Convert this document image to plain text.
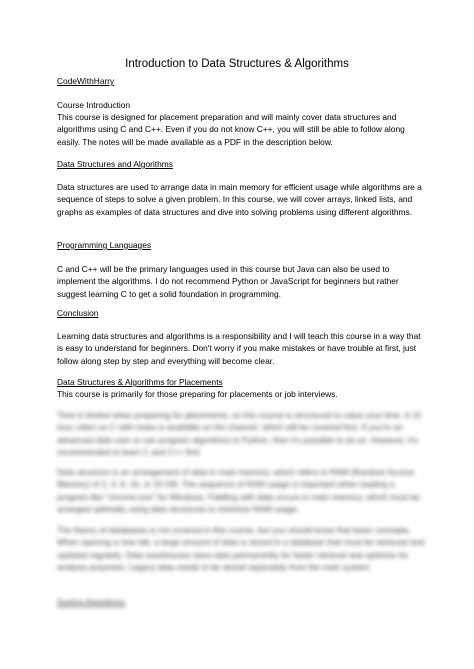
Introduction to Data Structures & Algorithms

CodeWithHarry

Course Introduction

This course is designed for placement preparation and will mainly cover data structures and algorithms using C and C++. Even if you do not know C++, you will still be able to follow along easily. The notes will be made available as a PDF in the description below.

Data Structures and Algorithms

Data structures are used to arrange data in main memory for efficient usage while algorithms are a sequence of steps to solve a given problem. In this course, we will cover arrays, linked lists, and graphs as examples of data structures and dive into solving problems using different algorithms.

Programming Languages

C and C++ will be the primary languages used in this course but Java can also be used to implement the algorithms. I do not recommend Python or JavaScript for beginners but rather suggest learning C to get a solid foundation in programming.

Conclusion

Learning data structures and algorithms is a responsibility and I will teach this course in a way that is easy to understand for beginners. Don't worry if you make mistakes or have trouble at first, just follow along step by step and everything will become clear.

Data Structures & Algorithms for Placements

This course is primarily for those preparing for placements or job interviews.

Time is limited when preparing for placements, so this course is structured to value your time. A 15 hour video on C with notes is available on the channel, which will be covered first. If you're an advanced data user or can program algorithms in Python, then it's possible to do so. However, it's recommended to learn C and C++ first.

Data structure is an arrangement of data in main memory, which refers to RAM (Random Access Memory) of 2, 4, 8, 16, or 32 GB. The sequence of RAM usage is important when loading a program like "chrome.exe" for Windows. Fiddling with data occurs in main memory, which must be arranged optimally using data structures to minimize RAM usage.

The theory of databases is not covered in this course, but you should know that basic concepts. When opening a new tab, a large amount of data is stored in a database that must be retrieved and updated regularly. Data warehouses store data permanently for faster retrieval and optimize for analysis purposes. Legacy data needs to be stored separately from the main system.

Sorting Algorithms
